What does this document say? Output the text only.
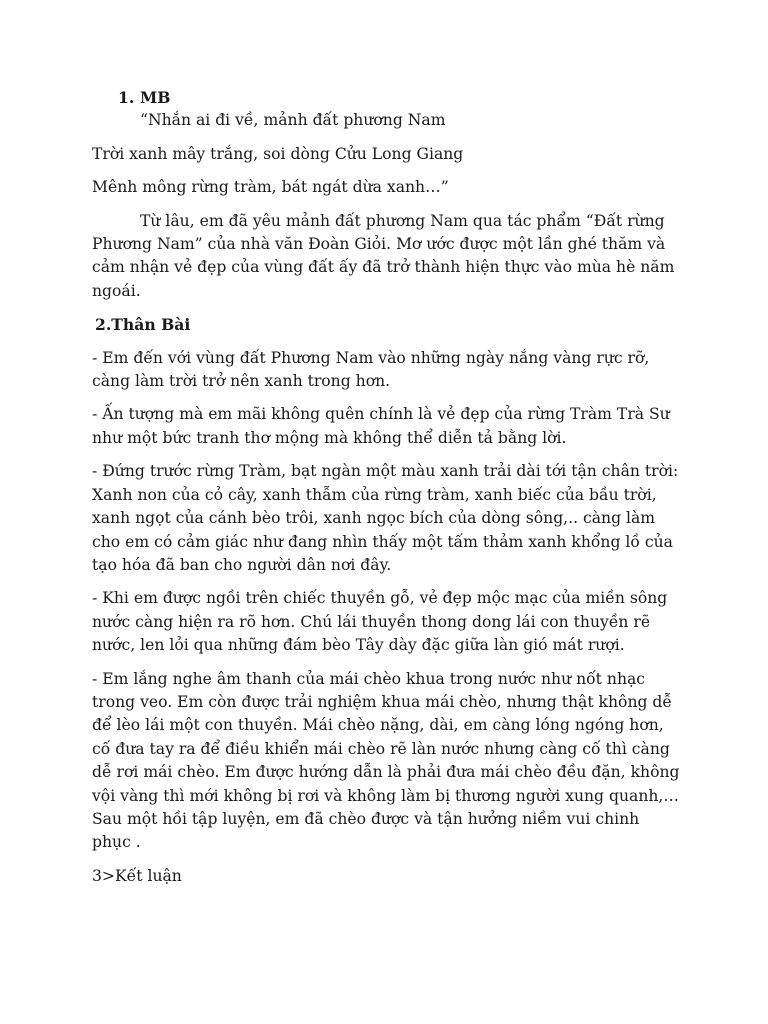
1. MB

“Nhắn ai đi về, mảnh đất phương Nam

Trời xanh mây trắng, soi dòng Cửu Long Giang

Mênh mông rừng tràm, bát ngát dừa xanh…”

Từ lâu, em đã yêu mảnh đất phương Nam qua tác phẩm “Đất rừng Phương Nam” của nhà văn Đoàn Giỏi. Mơ ước được một lần ghé thăm và cảm nhận vẻ đẹp của vùng đất ấy đã trở thành hiện thực vào mùa hè năm ngoái.

2.Thân Bài

- Em đến với vùng đất Phương Nam vào những ngày nắng vàng rực rỡ, càng làm trời trở nên xanh trong hơn.

- Ấn tượng mà em mãi không quên chính là vẻ đẹp của rừng Tràm Trà Sư như một bức tranh thơ mộng mà không thể diễn tả bằng lời.

- Đứng trước rừng Tràm, bạt ngàn một màu xanh trải dài tới tận chân trời: Xanh non của cỏ cây, xanh thẫm của rừng tràm, xanh biếc của bầu trời, xanh ngọt của cánh bèo trôi, xanh ngọc bích của dòng sông,.. càng làm cho em có cảm giác như đang nhìn thấy một tấm thảm xanh khổng lồ của tạo hóa đã ban cho người dân nơi đây.

- Khi em được ngồi trên chiếc thuyền gỗ, vẻ đẹp mộc mạc của miền sông nước càng hiện ra rõ hơn. Chú lái thuyền thong dong lái con thuyền rẽ nước, len lỏi qua những đám bèo Tây dày đặc giữa làn gió mát rượi.

- Em lắng nghe âm thanh của mái chèo khua trong nước như nốt nhạc trong veo. Em còn được trải nghiệm khua mái chèo, nhưng thật không dễ để lèo lái một con thuyền. Mái chèo nặng, dài, em càng lóng ngóng hơn, cố đưa tay ra để điều khiển mái chèo rẽ làn nước nhưng càng cố thì càng dễ rơi mái chèo. Em được hướng dẫn là phải đưa mái chèo đều đặn, không vội vàng thì mới không bị rơi và không làm bị thương người xung quanh,… Sau một hồi tập luyện, em đã chèo được và tận hưởng niềm vui chinh phục .

3>Kết luận
